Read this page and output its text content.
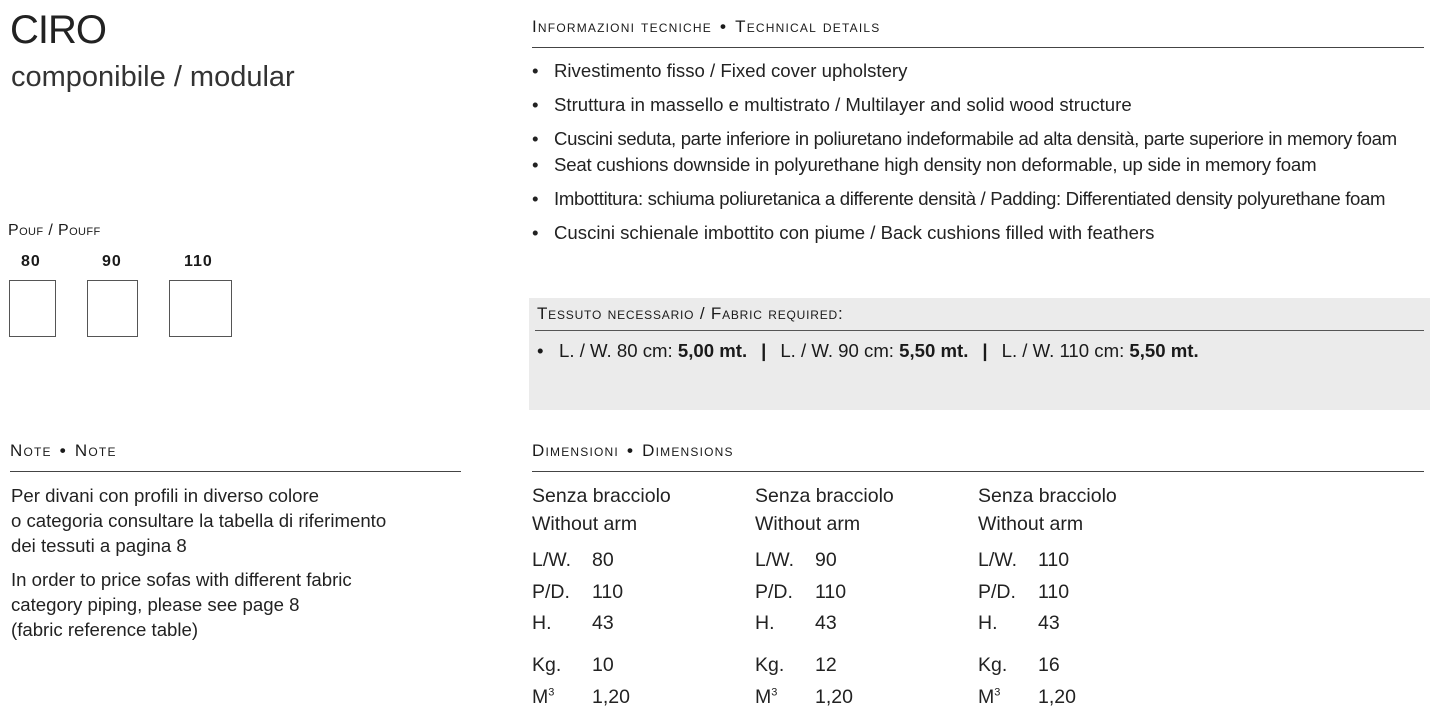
CIRO
componibile / modular
Pouf / Pouff
80	90	110
Informazioni tecniche • Technical details
• Rivestimento fisso / Fixed cover upholstery
• Struttura in massello e multistrato / Multilayer and solid wood structure
• Cuscini seduta, parte inferiore in poliuretano indeformabile ad alta densità, parte superiore in memory foam
• Seat cushions downside in polyurethane high density non deformable, up side in memory foam
• Imbottitura: schiuma poliuretanica a differente densità / Padding: Differentiated density polyurethane foam
• Cuscini schienale imbottito con piume / Back cushions filled with feathers
Tessuto necessario / Fabric required:
• L. / W. 80 cm: 5,00 mt. | L. / W. 90 cm: 5,50 mt. | L. / W. 110 cm: 5,50 mt.
Note • Note
Per divani con profili in diverso colore
o categoria consultare la tabella di riferimento
dei tessuti a pagina 8
In order to price sofas with different fabric
category piping, please see page 8
(fabric reference table)
Dimensioni • Dimensions
Senza bracciolo
Without arm
L/W. 80
P/D. 110
H. 43
Kg. 10
$M^3$ 1,20
Senza bracciolo
Without arm
L/W. 90
P/D. 110
H. 43
Kg. 12
$M^3$ 1,20
Senza bracciolo
Without arm
L/W. 110
P/D. 110
H. 43
Kg. 16
$M^3$ 1,20
